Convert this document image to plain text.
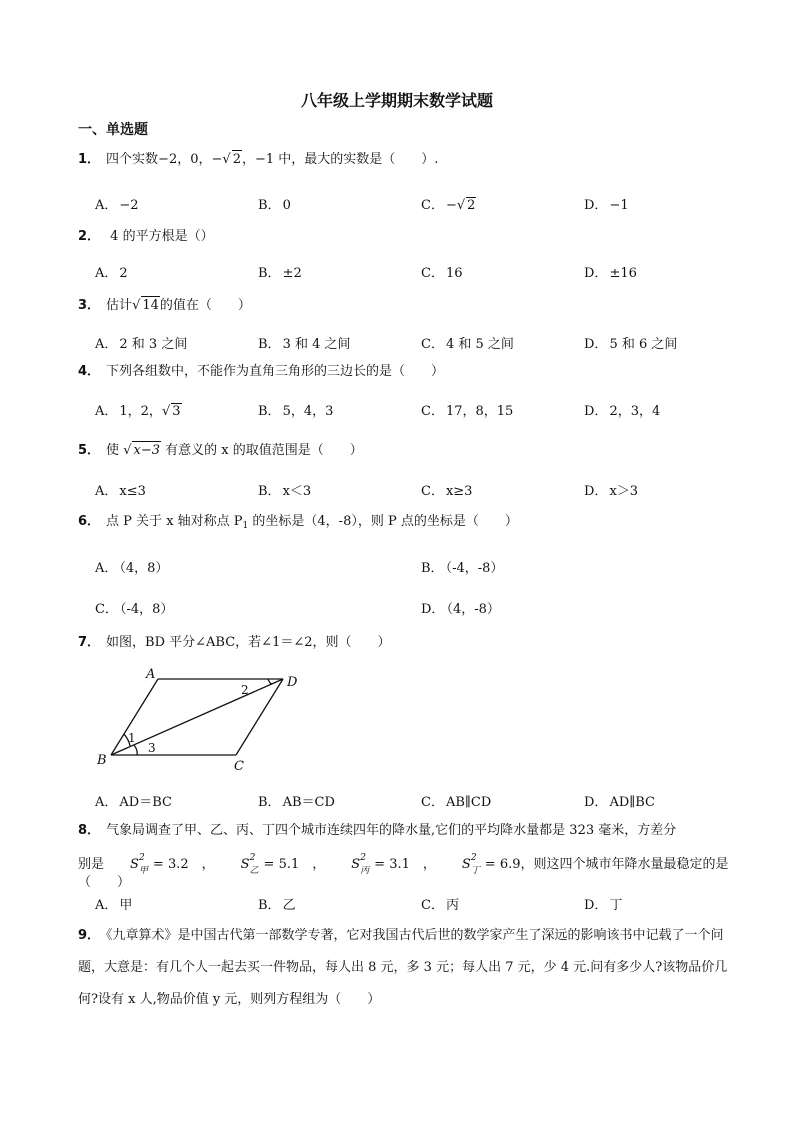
八年级上学期期末数学试题
一、单选题
1． 四个实数−2，0，−√ 2，−1 中，最大的实数是（　　）.
A． −2	B． 0	C． −√ 2	D． −1
2． 4 的平方根是（）
A． 2	B． ±2	C． 16	D． ±16
3． 估计√ 14的值在（　　）
A． 2 和 3 之间	B． 3 和 4 之间	C． 4 和 5 之间	D． 5 和 6 之间
4． 下列各组数中，不能作为直角三角形的三边长的是（　　）
A． 1，2，√ 3	B． 5，4，3	C． 17，8，15	D． 2，3，4
5． 使 √ x−3 有意义的 x 的取值范围是（　　）
A． x≤3	B． x＜3	C． x≥3	D． x＞3
6． 点 P 关于 x 轴对称点 $P_1$ 的坐标是（4，-8），则 P 点的坐标是（　　）
A． （4，8）	B． （-4，-8）
C． （-4，8）	D． （4，-8）
7． 如图，BD 平分∠ABC，若∠1＝∠2，则（　　）
A
D
B	C
1
2
3
A． AD＝BC	B． AB＝CD	C． AB∥CD	D． AD∥BC
8． 气象局调查了甲、乙、丙、丁四个城市连续四年的降水量,它们的平均降水量都是 323 毫米，方差分
别是 S 2
甲 = 3.2　， S 2
乙 = 5.1　， S 2
丙 = 3.1　， S 2
丁 = 6.9，则这四个城市年降水量最稳定的是（　　）
A． 甲	B． 乙	C． 丙	D． 丁
9． 《九章算术》是中国古代第一部数学专著，它对我国古代后世的数学家产生了深远的影响该书中记载了一个问题，大意是：有几个人一起去买一件物品，每人出 8 元，多 3 元；每人出 7 元，少 4 元.问有多少人?该物品价几何?设有 x 人,物品价值 y 元，则列方程组为（　　）
